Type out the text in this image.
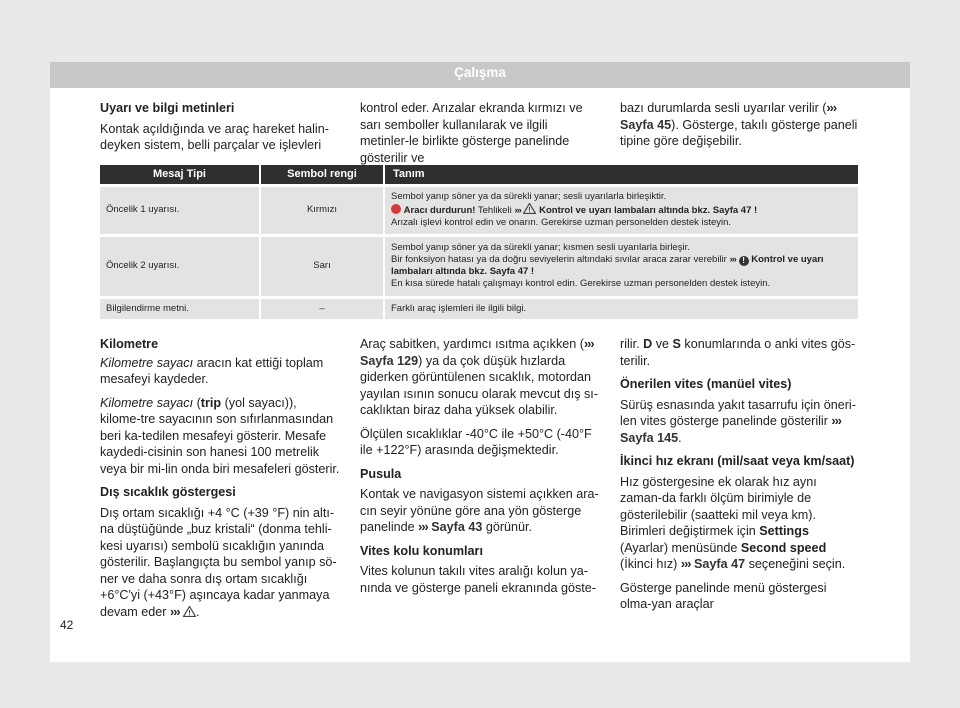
Çalışma
Uyarı ve bilgi metinleri

Kontak açıldığında ve araç hareket halin-deyken sistem, belli parçalar ve işlevleri

kontrol eder. Arızalar ekranda kırmızı ve sarı semboller kullanılarak ve ilgili metinler-le birlikte gösterge panelinde gösterilir ve

bazı durumlarda sesli uyarılar verilir (››› Sayfa 45). Gösterge, takılı gösterge paneli tipine göre değişebilir.

Mesaj Tipi	Sembol rengi	Tanım
Öncelik 1 uyarısı.	Kırmızı	Sembol yanıp söner ya da sürekli yanar; sesli uyarılarla birleşiktir.
Aracı durdurun! Tehlikeli ››› Kontrol ve uyarı lambaları altında bkz. Sayfa 47 !
Arızalı işlevi kontrol edin ve onarın. Gerekirse uzman personelden destek isteyin.

Öncelik 2 uyarısı.	Sarı	Sembol yanıp söner ya da sürekli yanar; kısmen sesli uyarılarla birleşir.
Bir fonksiyon hatası ya da doğru seviyelerin altındaki sıvılar araca zarar verebilir ››› ! Kontrol ve uyarı lambaları altında bkz. Sayfa 47 !
En kısa sürede hatalı çalışmayı kontrol edin. Gerekirse uzman personelden destek isteyin.

Bilgilendirme metni.	–	Farklı araç işlemleri ile ilgili bilgi.
Kilometre

Kilometre sayacı aracın kat ettiği toplam mesafeyi kaydeder.

Kilometre sayacı (trip (yol sayacı)), kilome-tre sayacının son sıfırlanmasından beri ka-tedilen mesafeyi gösterir. Mesafe kaydedi-cisinin son hanesi 100 metrelik veya bir mi-lin onda biri mesafeleri gösterir.

Dış sıcaklık göstergesi

Dış ortam sıcaklığı +4 °C (+39 °F) nin altı-na düştüğünde „buz kristali“ (donma tehli-kesi uyarısı) sembolü sıcaklığın yanında gösterilir. Başlangıçta bu sembol yanıp sö-ner ve daha sonra dış ortam sıcaklığı +6°C'yi (+43°F) aşıncaya kadar yanmaya devam eder ››› .

Araç sabitken, yardımcı ısıtma açıkken (››› Sayfa 129) ya da çok düşük hızlarda giderken görüntülenen sıcaklık, motordan yayılan ısının sonucu olarak mevcut dış sı-caklıktan biraz daha yüksek olabilir.

Ölçülen sıcaklıklar -40°C ile +50°C (-40°F ile +122°F) arasında değişmektedir.

Pusula

Kontak ve navigasyon sistemi açıkken ara-cın seyir yönüne göre ana yön gösterge panelinde ››› Sayfa 43 görünür.

Vites kolu konumları

Vites kolunun takılı vites aralığı kolun ya-nında ve gösterge paneli ekranında göste-

rilir. D ve S konumlarında o anki vites gös-terilir.

Önerilen vites (manüel vites)

Sürüş esnasında yakıt tasarrufu için öneri-len vites gösterge panelinde gösterilir ››› Sayfa 145.

İkinci hız ekranı (mil/saat veya km/saat)

Hız göstergesine ek olarak hız aynı zaman-da farklı ölçüm birimiyle de gösterilebilir (saatteki mil veya km). Birimleri değiştirmek için Settings (Ayarlar) menüsünde Second speed (İkinci hız) ››› Sayfa 47 seçeneğini seçin.

Gösterge panelinde menü göstergesi olma-yan araçlar

42
